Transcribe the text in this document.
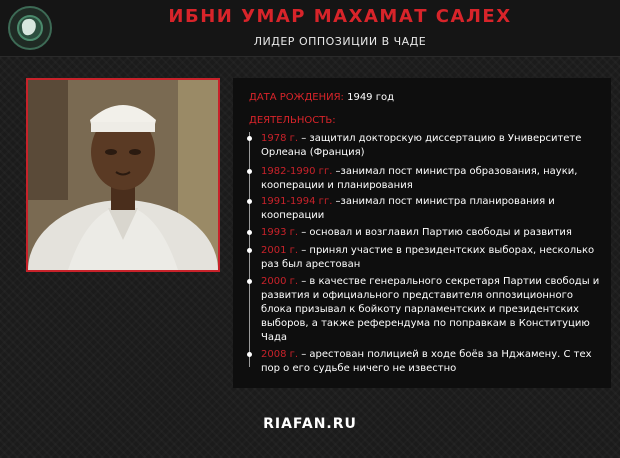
ИБНИ УМАР МАХАМАТ САЛЕХ
ЛИДЕР ОППОЗИЦИИ В ЧАДЕ
ДАТА РОЖДЕНИЯ: 1949 год
ДЕЯТЕЛЬНОСТЬ:
1978 г. – защитил докторскую диссертацию в Университете Орлеана (Франция)
1982-1990 гг. –занимал пост министра образования, науки, кооперации и планирования
1991-1994 гг. –занимал пост министра планирования и кооперации
1993 г. – основал и возглавил Партию свободы и развития
2001 г. – принял участие в президентских выборах, несколько раз был арестован
2000 г. – в качестве генерального секретаря Партии свободы и развития и официального представителя оппозиционного блока призывал к бойкоту парламентских и президентских выборов, а также референдума по поправкам в Конституцию Чада
2008 г. – арестован полицией в ходе боёв за Нджамену. С тех пор о его судьбе ничего не известно
RIAFAN.RU
